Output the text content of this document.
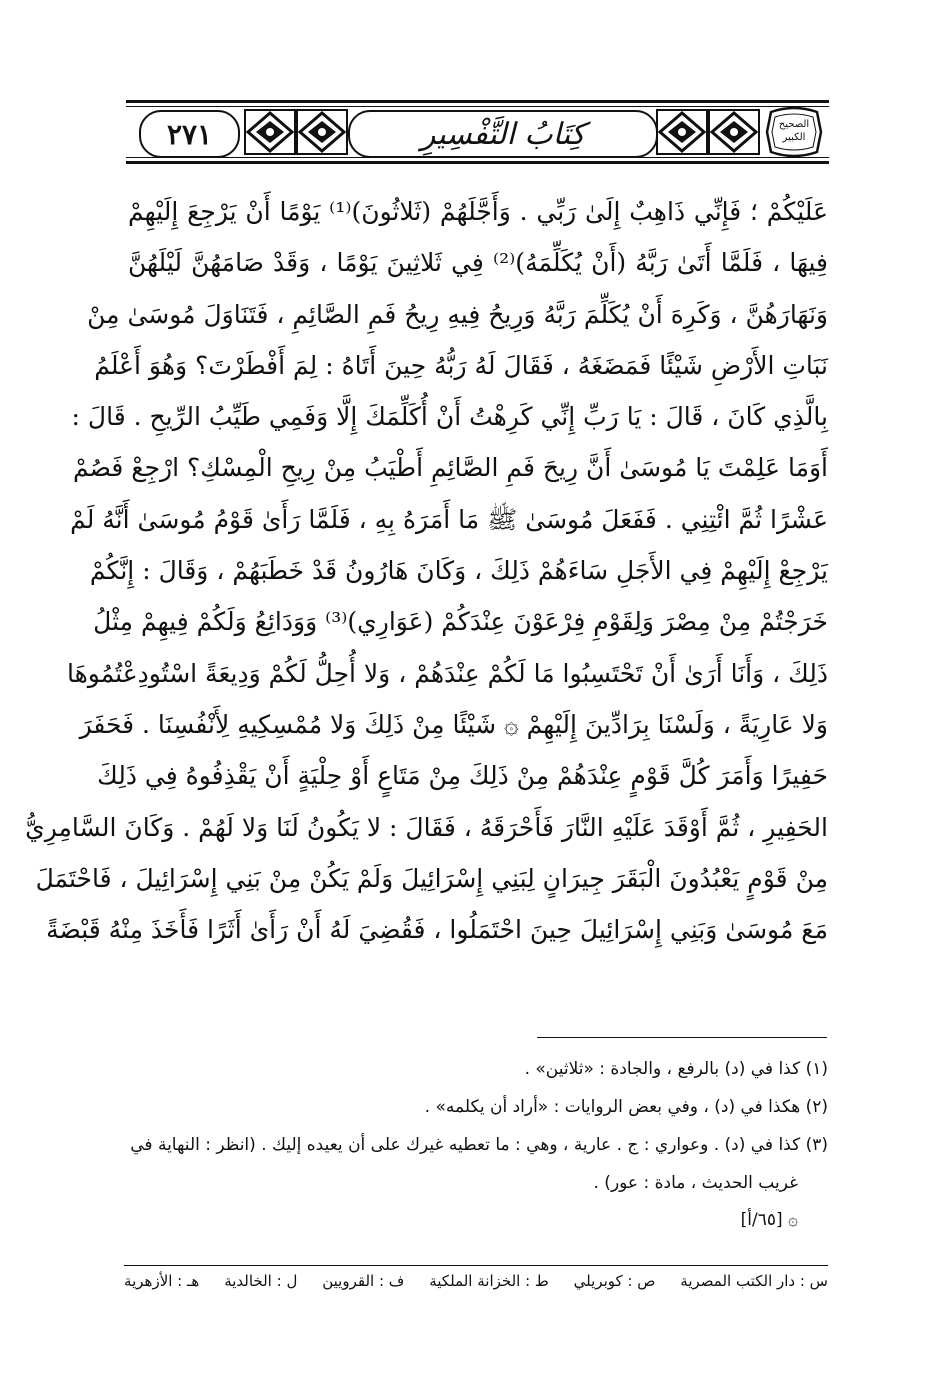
٢٧١	كِتَابُ التَّفْسِيرِ	الصحيح
الكبير
عَلَيْكُمْ ؛ فَإِنِّي ذَاهِبٌ إِلَىٰ رَبِّي . وَأَجَّلَهُمْ (ثَلاثُونَ)⁽¹⁾ يَوْمًا أَنْ يَرْجِعَ إِلَيْهِمْ
فِيهَا ، فَلَمَّا أَتَىٰ رَبَّهُ (أَنْ يُكَلِّمَهُ)⁽²⁾ فِي ثَلاثِينَ يَوْمًا ، وَقَدْ صَامَهُنَّ لَيْلَهُنَّ
وَنَهَارَهُنَّ ، وَكَرِهَ أَنْ يُكَلِّمَ رَبَّهُ وَرِيحُ فِيهِ رِيحُ فَمِ الصَّائِمِ ، فَتَنَاوَلَ مُوسَىٰ مِنْ
نَبَاتِ الأَرْضِ شَيْئًا فَمَضَغَهُ ، فَقَالَ لَهُ رَبُّهُ حِينَ أَتَاهُ : لِمَ أَفْطَرْتَ؟ وَهُوَ أَعْلَمُ
بِالَّذِي كَانَ ، قَالَ : يَا رَبِّ إِنِّي كَرِهْتُ أَنْ أُكَلِّمَكَ إِلَّا وَفَمِي طَيِّبُ الرِّيحِ . قَالَ :
أَوَمَا عَلِمْتَ يَا مُوسَىٰ أَنَّ رِيحَ فَمِ الصَّائِمِ أَطْيَبُ مِنْ رِيحِ الْمِسْكِ؟ ارْجِعْ فَصُمْ
عَشْرًا ثُمَّ ائْتِنِي . فَفَعَلَ مُوسَىٰ ﷺ مَا أَمَرَهُ بِهِ ، فَلَمَّا رَأَىٰ قَوْمُ مُوسَىٰ أَنَّهُ لَمْ
يَرْجِعْ إِلَيْهِمْ فِي الأَجَلِ سَاءَهُمْ ذَلِكَ ، وَكَانَ هَارُونُ قَدْ خَطَبَهُمْ ، وَقَالَ : إِنَّكُمْ
خَرَجْتُمْ مِنْ مِصْرَ وَلِقَوْمِ فِرْعَوْنَ عِنْدَكُمْ (عَوَارِي)⁽³⁾ وَوَدَائِعُ وَلَكُمْ فِيهِمْ مِثْلُ
ذَلِكَ ، وَأَنَا أَرَىٰ أَنْ تَحْتَسِبُوا مَا لَكُمْ عِنْدَهُمْ ، وَلا أُحِلُّ لَكُمْ وَدِيعَةً اسْتُودِعْتُمُوهَا
وَلا عَارِيَةً ، وَلَسْنَا بِرَادِّينَ إِلَيْهِمْ ۞ شَيْئًا مِنْ ذَلِكَ وَلا مُمْسِكِيهِ لِأَنْفُسِنَا . فَحَفَرَ
حَفِيرًا وَأَمَرَ كُلَّ قَوْمٍ عِنْدَهُمْ مِنْ ذَلِكَ مِنْ مَتَاعٍ أَوْ حِلْيَةٍ أَنْ يَقْذِفُوهُ فِي ذَلِكَ
الحَفِيرِ ، ثُمَّ أَوْقَدَ عَلَيْهِ النَّارَ فَأَحْرَقَهُ ، فَقَالَ : لا يَكُونُ لَنَا وَلا لَهُمْ . وَكَانَ السَّامِرِيُّ
مِنْ قَوْمٍ يَعْبُدُونَ الْبَقَرَ جِيرَانٍ لِبَنِي إِسْرَائِيلَ وَلَمْ يَكُنْ مِنْ بَنِي إِسْرَائِيلَ ، فَاحْتَمَلَ
مَعَ مُوسَىٰ وَبَنِي إِسْرَائِيلَ حِينَ احْتَمَلُوا ، فَقُضِيَ لَهُ أَنْ رَأَىٰ أَثَرًا فَأَخَذَ مِنْهُ قَبْضَةً
(١) كذا في (د) بالرفع ، والجادة : «ثلاثين» .
(٢) هكذا في (د) ، وفي بعض الروايات : «أراد أن يكلمه» .
(٣) كذا في (د) . وعواري : ج . عارية ، وهي : ما تعطيه غيرك على أن يعيده إليك . (انظر : النهاية في
غريب الحديث ، مادة : عور) .
۞ [٦٥/أ]
س : دار الكتب المصرية
ص : كوبريلي
ط : الخزانة الملكية
ف : القرويين
ل : الخالدية
هـ : الأزهرية
